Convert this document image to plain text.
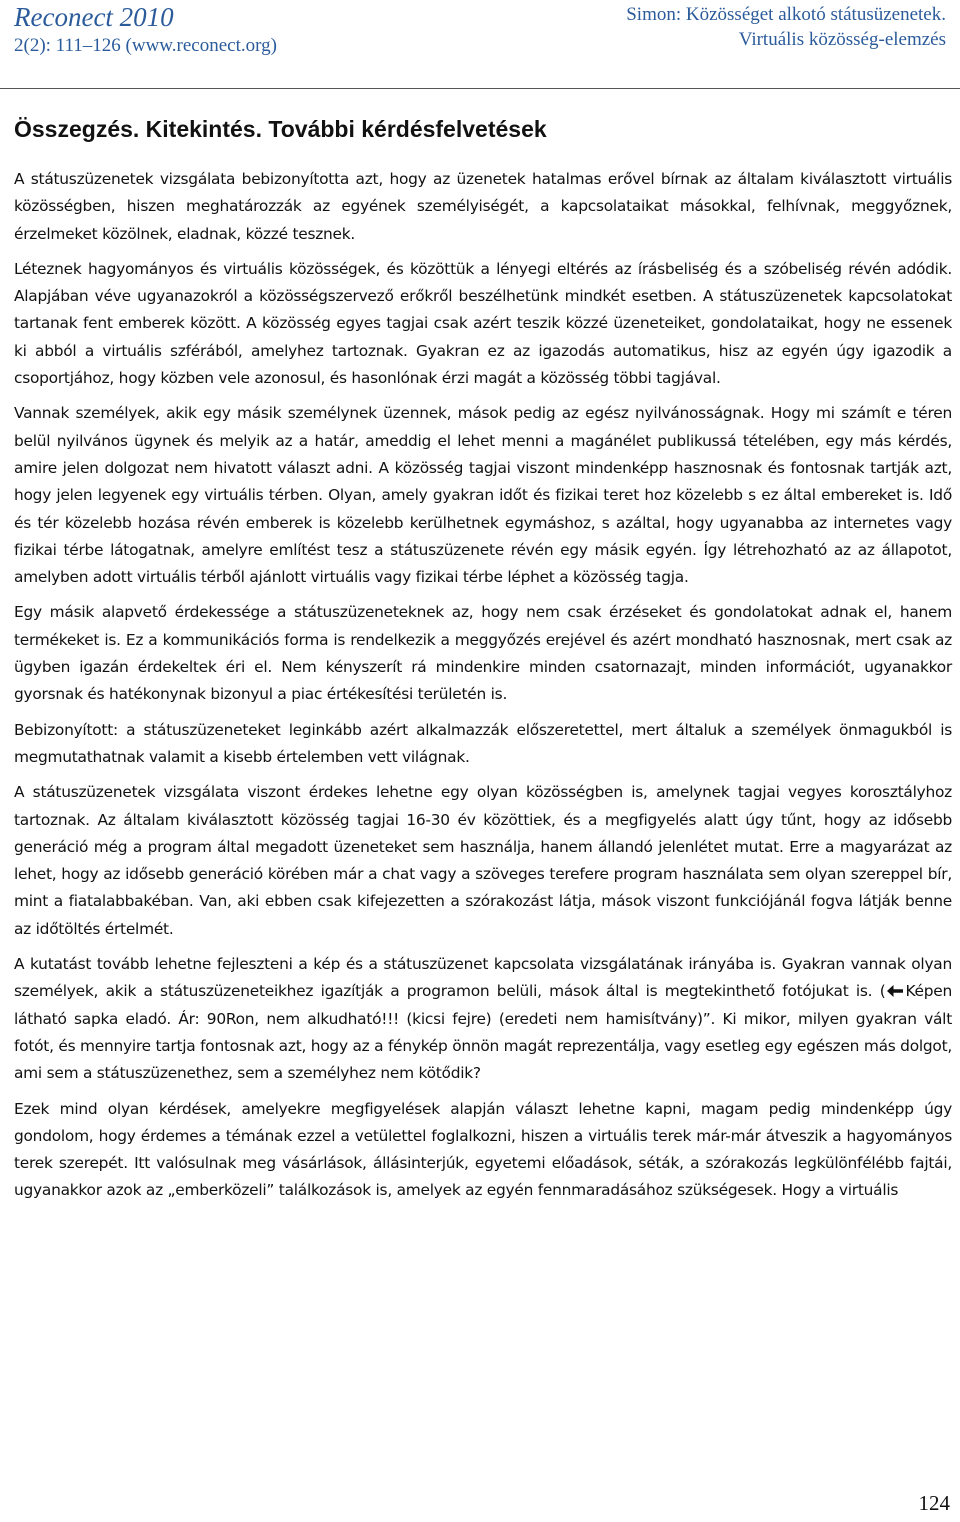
Reconect 2010
2(2): 111–126 (www.reconect.org)
Simon: Közösséget alkotó státusüzenetek.
Virtuális közösség-elemzés
Összegzés. Kitekintés. További kérdésfelvetések

A státuszüzenetek vizsgálata bebizonyította azt, hogy az üzenetek hatalmas erővel bírnak az általam kiválasztott virtuális közösségben, hiszen meghatározzák az egyének személyiségét, a kapcsolataikat másokkal, felhívnak, meggyőznek, érzelmeket közölnek, eladnak, közzé tesznek.

Léteznek hagyományos és virtuális közösségek, és közöttük a lényegi eltérés az írásbeliség és a szóbeliség révén adódik. Alapjában véve ugyanazokról a közösségszervező erőkről beszélhetünk mindkét esetben. A státuszüzenetek kapcsolatokat tartanak fent emberek között. A közösség egyes tagjai csak azért teszik közzé üzeneteiket, gondolataikat, hogy ne essenek ki abból a virtuális szférából, amelyhez tartoznak. Gyakran ez az igazodás automatikus, hisz az egyén úgy igazodik a csoportjához, hogy közben vele azonosul, és hasonlónak érzi magát a közösség többi tagjával.

Vannak személyek, akik egy másik személynek üzennek, mások pedig az egész nyilvánosságnak. Hogy mi számít e téren belül nyilvános ügynek és melyik az a határ, ameddig el lehet menni a magánélet publikussá tételében, egy más kérdés, amire jelen dolgozat nem hivatott választ adni. A közösség tagjai viszont mindenképp hasznosnak és fontosnak tartják azt, hogy jelen legyenek egy virtuális térben. Olyan, amely gyakran időt és fizikai teret hoz közelebb s ez által embereket is. Idő és tér közelebb hozása révén emberek is közelebb kerülhetnek egymáshoz, s azáltal, hogy ugyanabba az internetes vagy fizikai térbe látogatnak, amelyre említést tesz a státuszüzenete révén egy másik egyén. Így létrehozható az az állapotot, amelyben adott virtuális térből ajánlott virtuális vagy fizikai térbe léphet a közösség tagja.

Egy másik alapvető érdekessége a státuszüzeneteknek az, hogy nem csak érzéseket és gondolatokat adnak el, hanem termékeket is. Ez a kommunikációs forma is rendelkezik a meggyőzés erejével és azért mondható hasznosnak, mert csak az ügyben igazán érdekeltek éri el. Nem kényszerít rá mindenkire minden csatornazajt, minden információt, ugyanakkor gyorsnak és hatékonynak bizonyul a piac értékesítési területén is.

Bebizonyított: a státuszüzeneteket leginkább azért alkalmazzák előszeretettel, mert általuk a személyek önmagukból is megmutathatnak valamit a kisebb értelemben vett világnak.

A státuszüzenetek vizsgálata viszont érdekes lehetne egy olyan közösségben is, amelynek tagjai vegyes korosztályhoz tartoznak. Az általam kiválasztott közösség tagjai 16-30 év közöttiek, és a megfigyelés alatt úgy tűnt, hogy az idősebb generáció még a program által megadott üzeneteket sem használja, hanem állandó jelenlétet mutat. Erre a magyarázat az lehet, hogy az idősebb generáció körében már a chat vagy a szöveges terefere program használata sem olyan szereppel bír, mint a fiatalabbakéban. Van, aki ebben csak kifejezetten a szórakozást látja, mások viszont funkciójánál fogva látják benne az időtöltés értelmét.

A kutatást tovább lehetne fejleszteni a kép és a státuszüzenet kapcsolata vizsgálatának irányába is. Gyakran vannak olyan személyek, akik a státuszüzeneteikhez igazítják a programon belüli, mások által is megtekinthető fotójukat is. ( Képen látható sapka eladó. Ár: 90Ron, nem alkudható!!! (kicsi fejre) (eredeti nem hamisítvány)”. Ki mikor, milyen gyakran vált fotót, és mennyire tartja fontosnak azt, hogy az a fénykép önnön magát reprezentálja, vagy esetleg egy egészen más dolgot, ami sem a státuszüzenethez, sem a személyhez nem kötődik?

Ezek mind olyan kérdések, amelyekre megfigyelések alapján választ lehetne kapni, magam pedig mindenképp úgy gondolom, hogy érdemes a témának ezzel a vetülettel foglalkozni, hiszen a virtuális terek már-már átveszik a hagyományos terek szerepét. Itt valósulnak meg vásárlások, állásinterjúk, egyetemi előadások, séták, a szórakozás legkülönfélébb fajtái, ugyanakkor azok az „emberközeli” találkozások is, amelyek az egyén fennmaradásához szükségesek. Hogy a virtuális

124
